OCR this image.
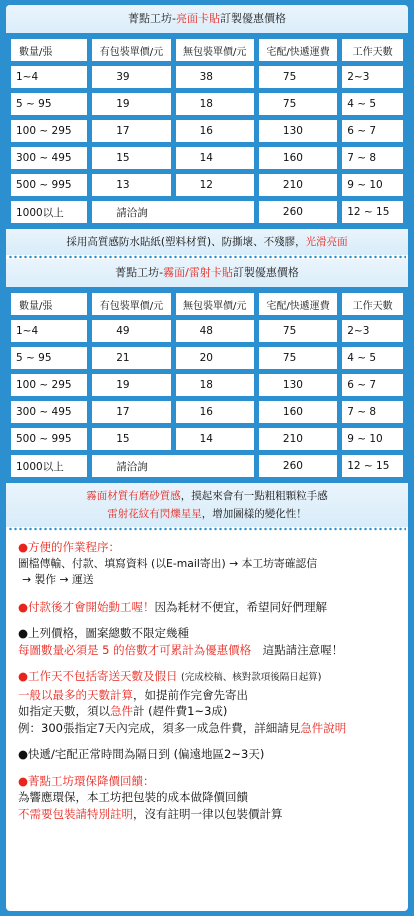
菁點工坊-亮面卡貼訂製優惠價格
數量/張	有包裝單價/元	無包裝單價/元	宅配/快遞運費	工作天數
1~4	39	38	75	2~3
5 ~ 95	19	18	75	4 ~ 5
100 ~ 295	17	16	130	6 ~ 7
300 ~ 495	15	14	160	7 ~ 8
500 ~ 995	13	12	210	9 ~ 10
1000以上	請洽詢		260	12 ~ 15
採用高質感防水貼紙(塑料材質)、防撕壞、不殘膠，光滑亮面
菁點工坊-霧面/雷射卡貼訂製優惠價格
數量/張	有包裝單價/元	無包裝單價/元	宅配/快遞運費	工作天數
1~4	49	48	75	2~3
5 ~ 95	21	20	75	4 ~ 5
100 ~ 295	19	18	130	6 ~ 7
300 ~ 495	17	16	160	7 ~ 8
500 ~ 995	15	14	210	9 ~ 10
1000以上	請洽詢		260	12 ~ 15
霧面材質有磨砂質感，摸起來會有一點粗粗顆粒手感
雷射花紋有閃爍星星，增加圖樣的變化性！
●方便的作業程序：
圖檔傳輸、付款、填寫資料 (以E-mail寄出) → 本工坊寄確認信
→ 製作 → 運送
●付款後才會開始動工喔！因為耗材不便宜，希望同好們理解
●上列價格，圖案總數不限定幾種
每圖數量必須是 5 的倍數才可累計為優惠價格　這點請注意喔！
●工作天不包括寄送天數及假日 (完成校稿、核對款項後隔日起算)
一般以最多的天數計算，如提前作完會先寄出
如指定天數，須以急件計 (趕件費1~3成)
例：300張指定7天內完成，須多一成急件費，詳細請見急件說明
●快遞/宅配正常時間為隔日到 (偏遠地區2~3天)
●菁點工坊環保降價回饋：
為響應環保，本工坊把包裝的成本做降價回饋
不需要包裝請特別註明，沒有註明一律以包裝價計算
